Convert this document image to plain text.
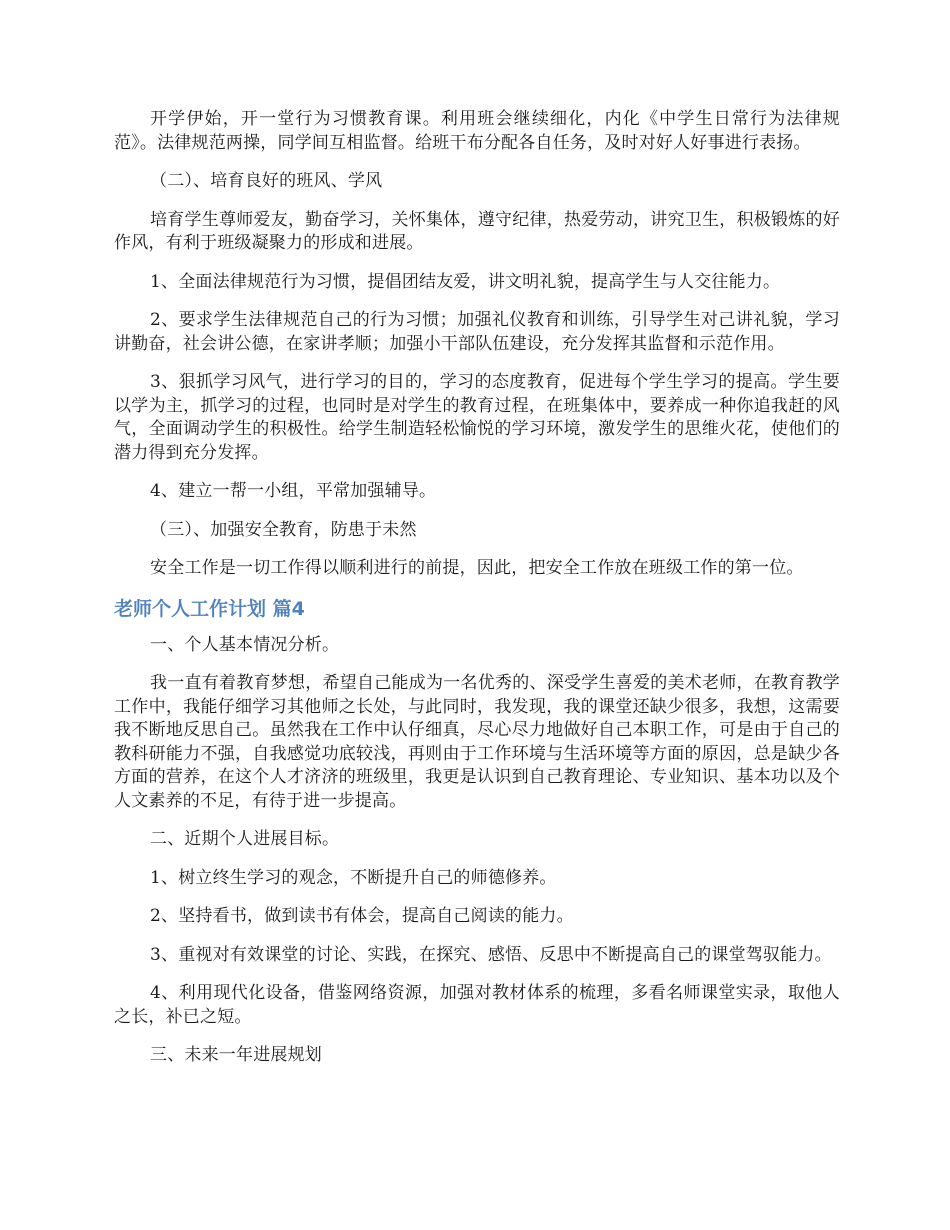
开学伊始，开一堂行为习惯教育课。利用班会继续细化，内化《中学生日常行为法律规范》。法律规范两操，同学间互相监督。给班干布分配各自任务，及时对好人好事进行表扬。

（二）、培育良好的班风、学风

培育学生尊师爱友，勤奋学习，关怀集体，遵守纪律，热爱劳动，讲究卫生，积极锻炼的好作风，有利于班级凝聚力的形成和进展。

1、全面法律规范行为习惯，提倡团结友爱，讲文明礼貌，提高学生与人交往能力。

2、要求学生法律规范自己的行为习惯；加强礼仪教育和训练，引导学生对己讲礼貌，学习讲勤奋，社会讲公德，在家讲孝顺；加强小干部队伍建设，充分发挥其监督和示范作用。

3、狠抓学习风气，进行学习的目的，学习的态度教育，促进每个学生学习的提高。学生要以学为主，抓学习的过程，也同时是对学生的教育过程，在班集体中，要养成一种你追我赶的风气，全面调动学生的积极性。给学生制造轻松愉悦的学习环境，激发学生的思维火花，使他们的潜力得到充分发挥。

4、建立一帮一小组，平常加强辅导。

（三）、加强安全教育，防患于未然

安全工作是一切工作得以顺利进行的前提，因此，把安全工作放在班级工作的第一位。

老师个人工作计划 篇4

一、个人基本情况分析。

我一直有着教育梦想，希望自己能成为一名优秀的、深受学生喜爱的美术老师，在教育教学工作中，我能仔细学习其他师之长处，与此同时，我发现，我的课堂还缺少很多，我想，这需要我不断地反思自己。虽然我在工作中认仔细真，尽心尽力地做好自己本职工作，可是由于自己的教科研能力不强，自我感觉功底较浅，再则由于工作环境与生活环境等方面的原因，总是缺少各方面的营养，在这个人才济济的班级里，我更是认识到自己教育理论、专业知识、基本功以及个人文素养的不足，有待于进一步提高。

二、近期个人进展目标。

1、树立终生学习的观念，不断提升自己的师德修养。

2、坚持看书，做到读书有体会，提高自己阅读的能力。

3、重视对有效课堂的讨论、实践，在探究、感悟、反思中不断提高自己的课堂驾驭能力。

4、利用现代化设备，借鉴网络资源，加强对教材体系的梳理，多看名师课堂实录，取他人之长，补已之短。

三、未来一年进展规划
